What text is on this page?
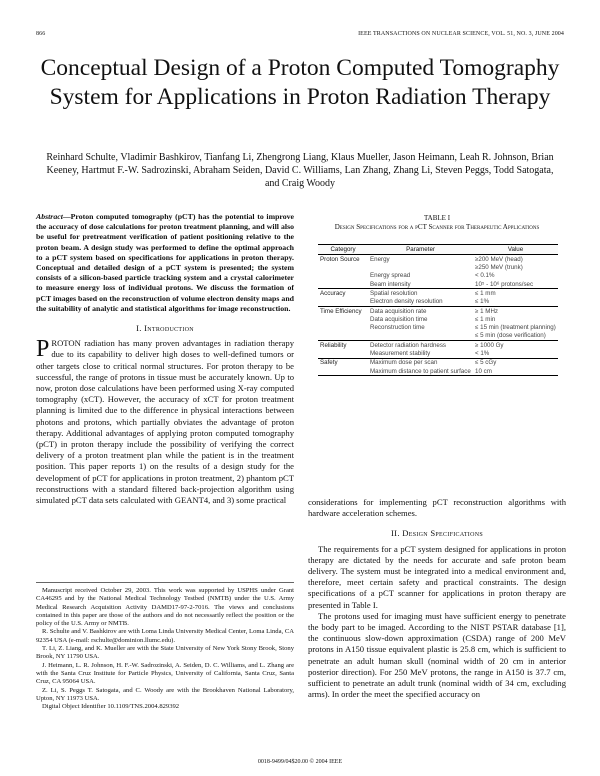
866	IEEE TRANSACTIONS ON NUCLEAR SCIENCE, VOL. 51, NO. 3, JUNE 2004
Conceptual Design of a Proton Computed Tomography System for Applications in Proton Radiation Therapy
Reinhard Schulte, Vladimir Bashkirov, Tianfang Li, Zhengrong Liang, Klaus Mueller, Jason Heimann, Leah R. Johnson, Brian Keeney, Hartmut F.-W. Sadrozinski, Abraham Seiden, David C. Williams, Lan Zhang, Zhang Li, Steven Peggs, Todd Satogata, and Craig Woody

Abstract—Proton computed tomography (pCT) has the potential to improve the accuracy of dose calculations for proton treatment planning, and will also be useful for pretreatment verification of patient positioning relative to the proton beam. A design study was performed to define the optimal approach to a pCT system based on specifications for applications in proton therapy. Conceptual and detailed design of a pCT system is presented; the system consists of a silicon-based particle tracking system and a crystal calorimeter to measure energy loss of individual protons. We discuss the formation of pCT images based on the reconstruction of volume electron density maps and the suitability of analytic and statistical algorithms for image reconstruction.

I. Introduction

PROTON radiation has many proven advantages in radiation therapy due to its capability to deliver high doses to well-defined tumors or other targets close to critical normal structures. For proton therapy to be successful, the range of protons in tissue must be accurately known. Up to now, proton dose calculations have been performed using X-ray computed tomography (xCT). However, the accuracy of xCT for proton treatment planning is limited due to the difference in physical interactions between photons and protons, which partially obviates the advantage of proton therapy. Additional advantages of applying proton computed tomography (pCT) in proton therapy include the possibility of verifying the correct delivery of a proton treatment plan while the patient is in the treatment position. This paper reports 1) on the results of a design study for the development of pCT for applications in proton treatment, 2) phantom pCT reconstructions with a standard filtered back-projection algorithm using simulated pCT data sets calculated with GEANT4, and 3) some practical

Manuscript received October 29, 2003. This work was supported by USPHS under Grant CA46295 and by the National Medical Technology Testbed (NMTB) under the U.S. Army Medical Research Acquisition Activity DAMD17-97-2-7016. The views and conclusions contained in this paper are those of the authors and do not necessarily reflect the position or the policy of the U.S. Army or NMTB.

R. Schulte and V. Bashkirov are with Loma Linda University Medical Center, Loma Linda, CA 92354 USA (e-mail: rschulte@dominion.llumc.edu).

T. Li, Z. Liang, and K. Mueller are with the State University of New York Stony Brook, Stony Brook, NY 11790 USA.

J. Heimann, L. R. Johnson, H. F.-W. Sadrozinski, A. Seiden, D. C. Williams, and L. Zhang are with the Santa Cruz Institute for Particle Physics, University of California, Santa Cruz, Santa Cruz, CA 95064 USA.

Z. Li, S. Peggs T. Satogata, and C. Woody are with the Brookhaven National Laboratory, Upton, NY 11973 USA.

Digital Object Identifier 10.1109/TNS.2004.829392

TABLE I
Design Specifications for a pCT Scanner for Therapeutic Applications
Category	Parameter	Value
Proton Source	Energy	≥200 MeV (head)
		≥250 MeV (trunk)
	Energy spread	< 0.1%
	Beam intensity	10⁵ - 10⁶ protons/sec
Accuracy	Spatial resolution	≤ 1 mm
	Electron density resolution	≤ 1%
Time Efficiency	Data acquisition rate	≥ 1 MHz
	Data acquisition time	≤ 1 min
	Reconstruction time	≤ 15 min (treatment planning)
		≤ 5 min (dose verification)
Reliability	Detector radiation hardness	≥ 1000 Gy
	Measurement stability	< 1%
Safety	Maximum dose per scan	≤ 5 cGy
	Maximum distance to patient surface	10 cm

considerations for implementing pCT reconstruction algorithms with hardware acceleration schemes.

II. Design Specifications

The requirements for a pCT system designed for applications in proton therapy are dictated by the needs for accurate and safe proton beam delivery. The system must be integrated into a medical environment and, therefore, meet certain safety and practical constraints. The design specifications of a pCT scanner for applications in proton therapy are presented in Table I.

The protons used for imaging must have sufficient energy to penetrate the body part to be imaged. According to the NIST PSTAR database [1], the continuous slow-down approximation (CSDA) range of 200 MeV protons in A150 tissue equivalent plastic is 25.8 cm, which is sufficient to penetrate an adult human skull (nominal width of 20 cm in anterior posterior direction). For 250 MeV protons, the range in A150 is 37.7 cm, sufficient to penetrate an adult trunk (nominal width of 34 cm, excluding arms). In order the meet the specified accuracy on

0018-9499/04$20.00 © 2004 IEEE
